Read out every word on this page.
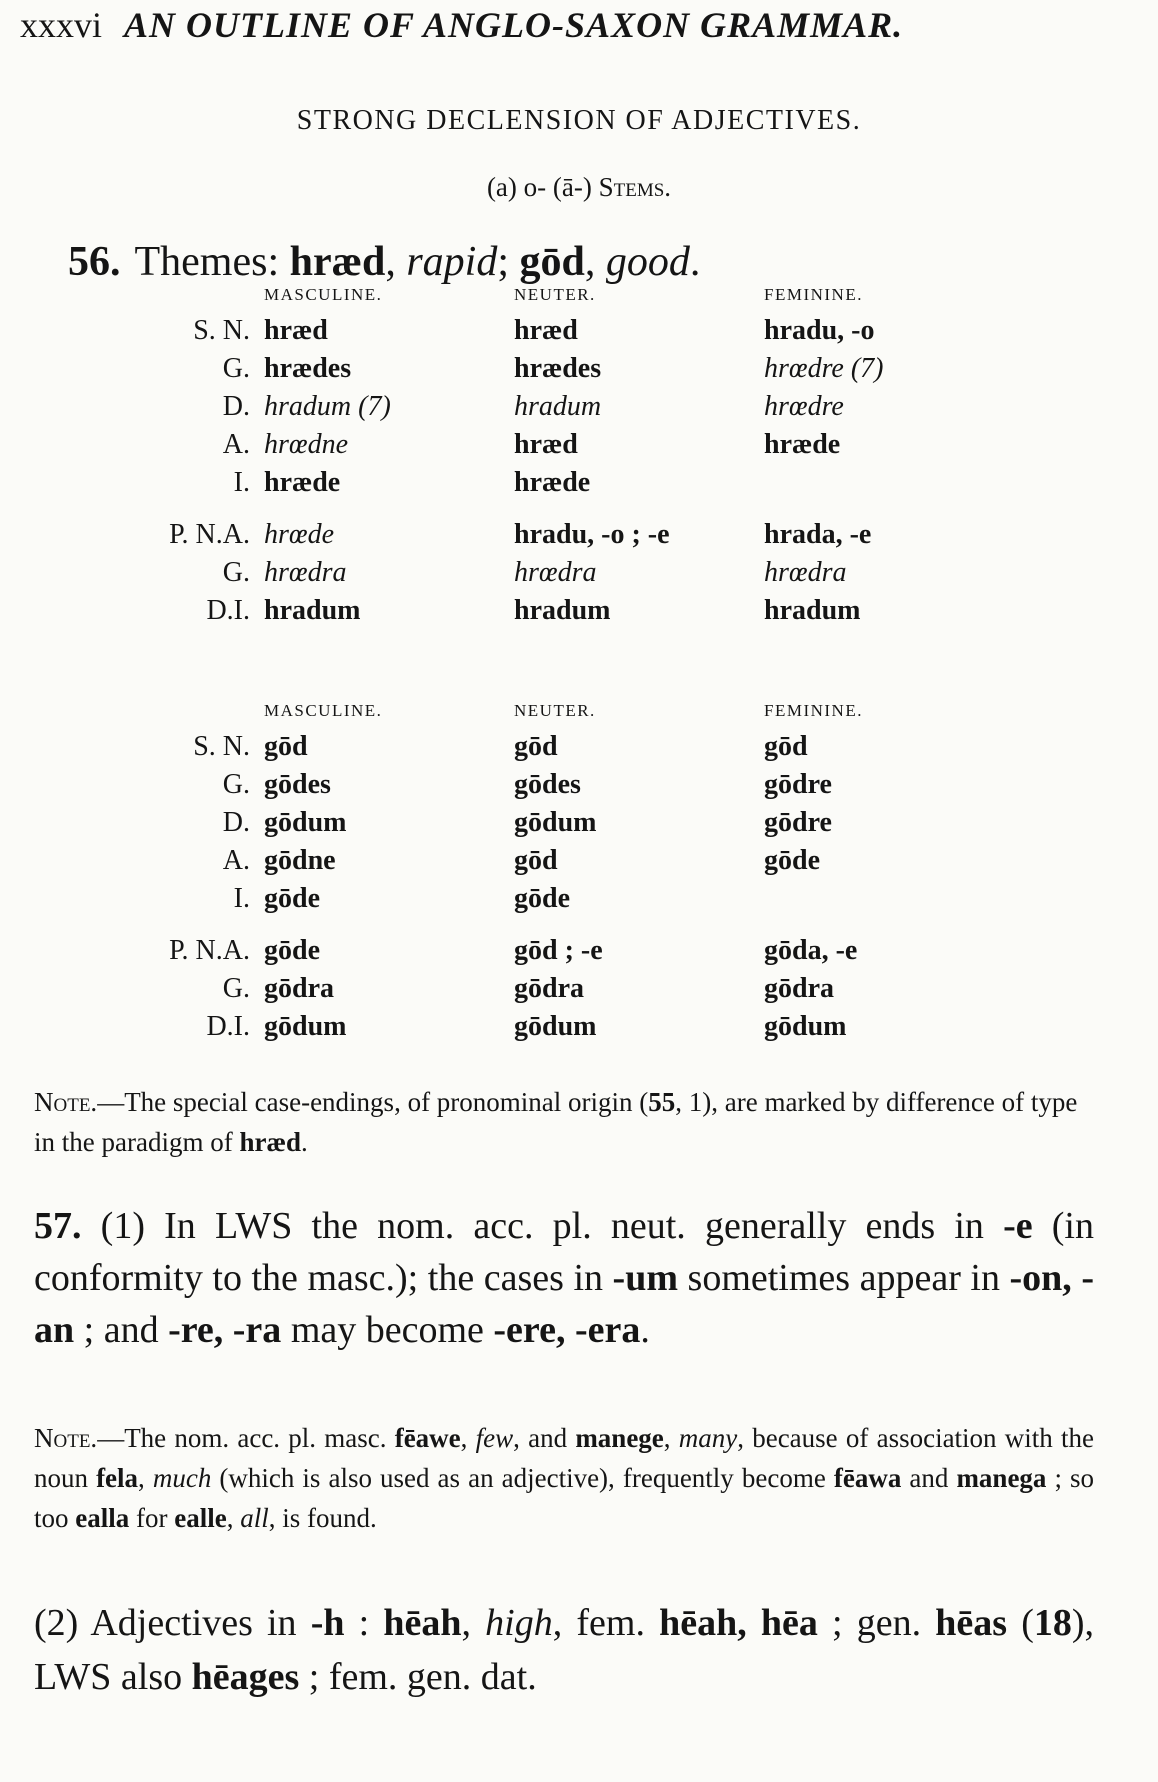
xxxvi AN OUTLINE OF ANGLO-SAXON GRAMMAR.
STRONG DECLENSION OF ADJECTIVES.
(a) o- (ā-) Stems.
56. Themes: hræd, rapid; gōd, good.
	MASCULINE.	NEUTER.	FEMININE.
S. N.	hræd	hræd	hradu, -o
G.	hrædes	hrædes	hrœdre (7)
D.	hradum (7)	hradum	hrœdre
A.	hrœdne	hræd	hræde
I.	hræde	hræde	
P. N.A.	hrœde	hradu, -o ; -e	hrada, -e
G.	hrœdra	hrœdra	hrœdra
D.I.	hradum	hradum	hradum
	MASCULINE.	NEUTER.	FEMININE.
S. N.	gōd	gōd	gōd
G.	gōdes	gōdes	gōdre
D.	gōdum	gōdum	gōdre
A.	gōdne	gōd	gōde
I.	gōde	gōde	
P. N.A.	gōde	gōd ; -e	gōda, -e
G.	gōdra	gōdra	gōdra
D.I.	gōdum	gōdum	gōdum
Note.—The special case-endings, of pronominal origin (55, 1), are marked by difference of type in the paradigm of hræd.
57. (1) In LWS the nom. acc. pl. neut. generally ends in -e (in conformity to the masc.); the cases in -um sometimes appear in -on, -an ; and -re, -ra may become -ere, -era.
Note.—The nom. acc. pl. masc. fēawe, few, and manege, many, because of association with the noun fela, much (which is also used as an adjective), frequently become fēawa and manega ; so too ealla for ealle, all, is found.
(2) Adjectives in -h : hēah, high, fem. hēah, hēa ; gen. hēas (18), LWS also hēages ; fem. gen. dat.
